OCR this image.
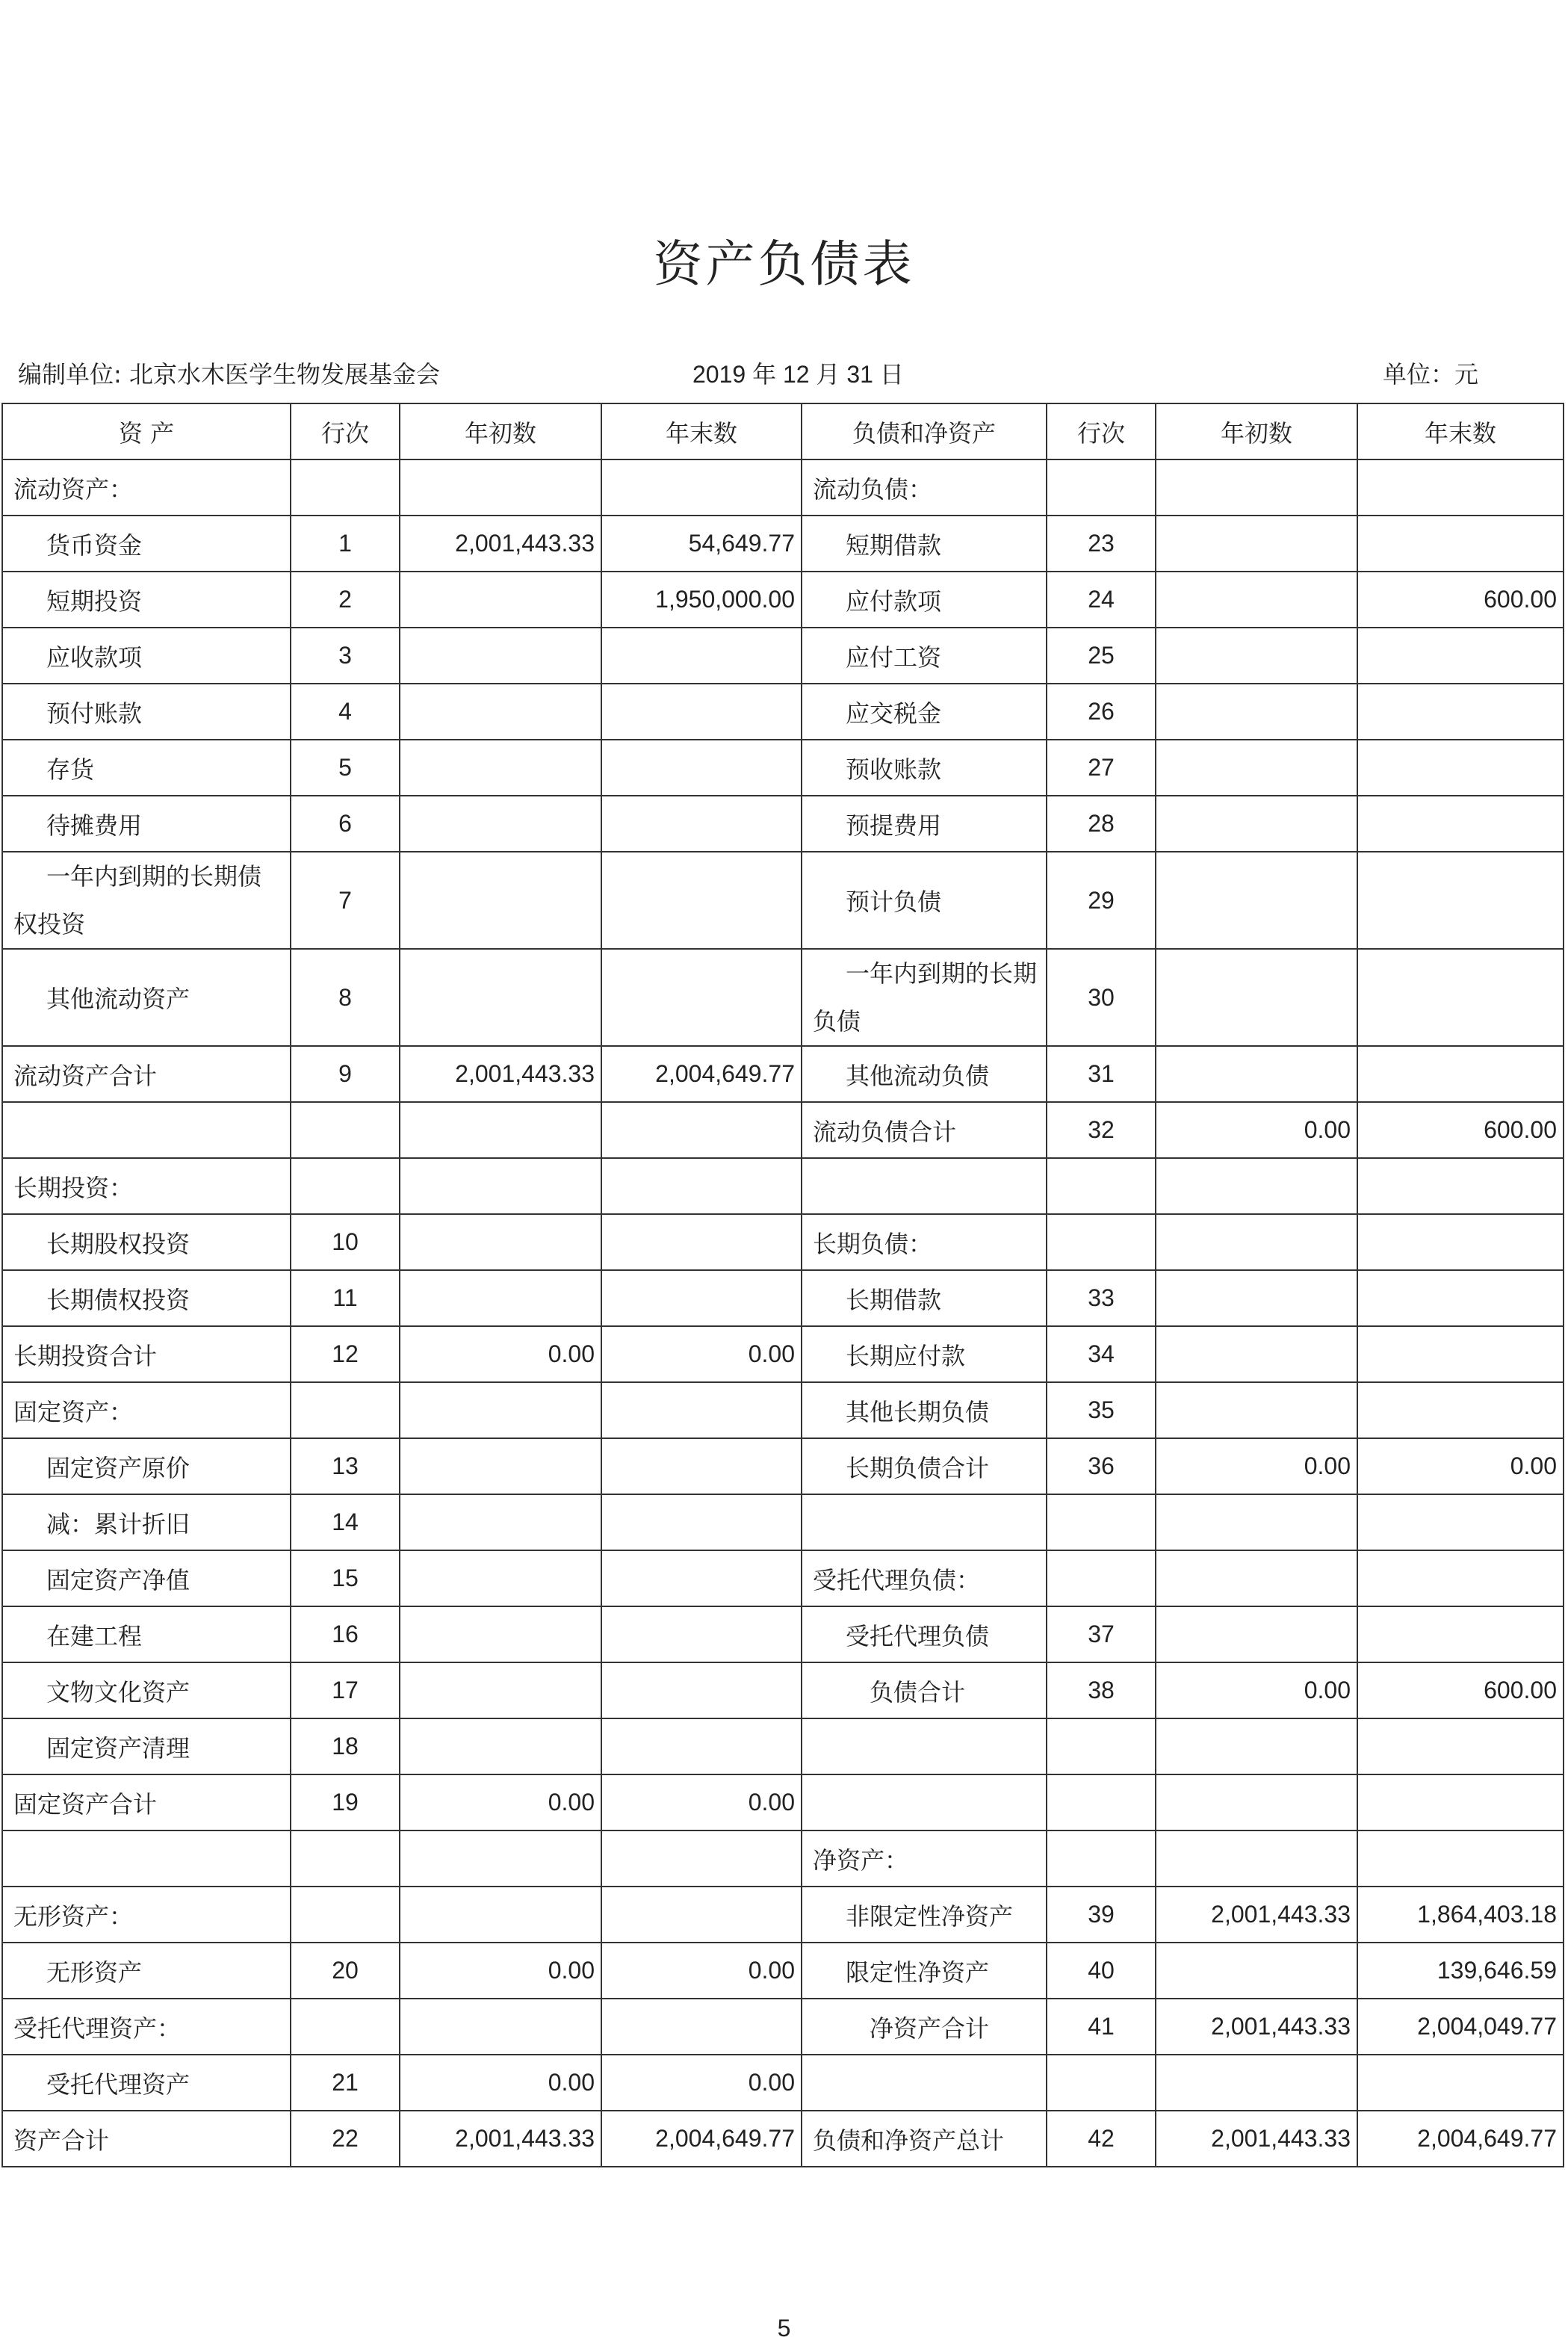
资产负债表
编制单位: 北京水木医学生物发展基金会	2019 年 12 月 31 日	单位：元
资 产	行次	年初数	年末数	负债和净资产	行次	年初数	年末数
流动资产：				流动负债：			
货币资金	1	2,001,443.33	54,649.77	短期借款	23		
短期投资	2		1,950,000.00	应付款项	24		600.00
应收款项	3			应付工资	25		
预付账款	4			应交税金	26		
存货	5			预收账款	27		
待摊费用	6			预提费用	28		
一年内到期的长期债权投资	7			预计负债	29		
其他流动资产	8			一年内到期的长期负债	30		
流动资产合计	9	2,001,443.33	2,004,649.77	其他流动负债	31		
				流动负债合计	32	0.00	600.00
长期投资：							
长期股权投资	10			长期负债：			
长期债权投资	11			长期借款	33		
长期投资合计	12	0.00	0.00	长期应付款	34		
固定资产：				其他长期负债	35		
固定资产原价	13			长期负债合计	36	0.00	0.00
减：累计折旧	14						
固定资产净值	15			受托代理负债：			
在建工程	16			受托代理负债	37		
文物文化资产	17			负债合计	38	0.00	600.00
固定资产清理	18						
固定资产合计	19	0.00	0.00				
				净资产：			
无形资产：				非限定性净资产	39	2,001,443.33	1,864,403.18
无形资产	20	0.00	0.00	限定性净资产	40		139,646.59
受托代理资产：				净资产合计	41	2,001,443.33	2,004,049.77
受托代理资产	21	0.00	0.00				
资产合计	22	2,001,443.33	2,004,649.77	负债和净资产总计	42	2,001,443.33	2,004,649.77
5
